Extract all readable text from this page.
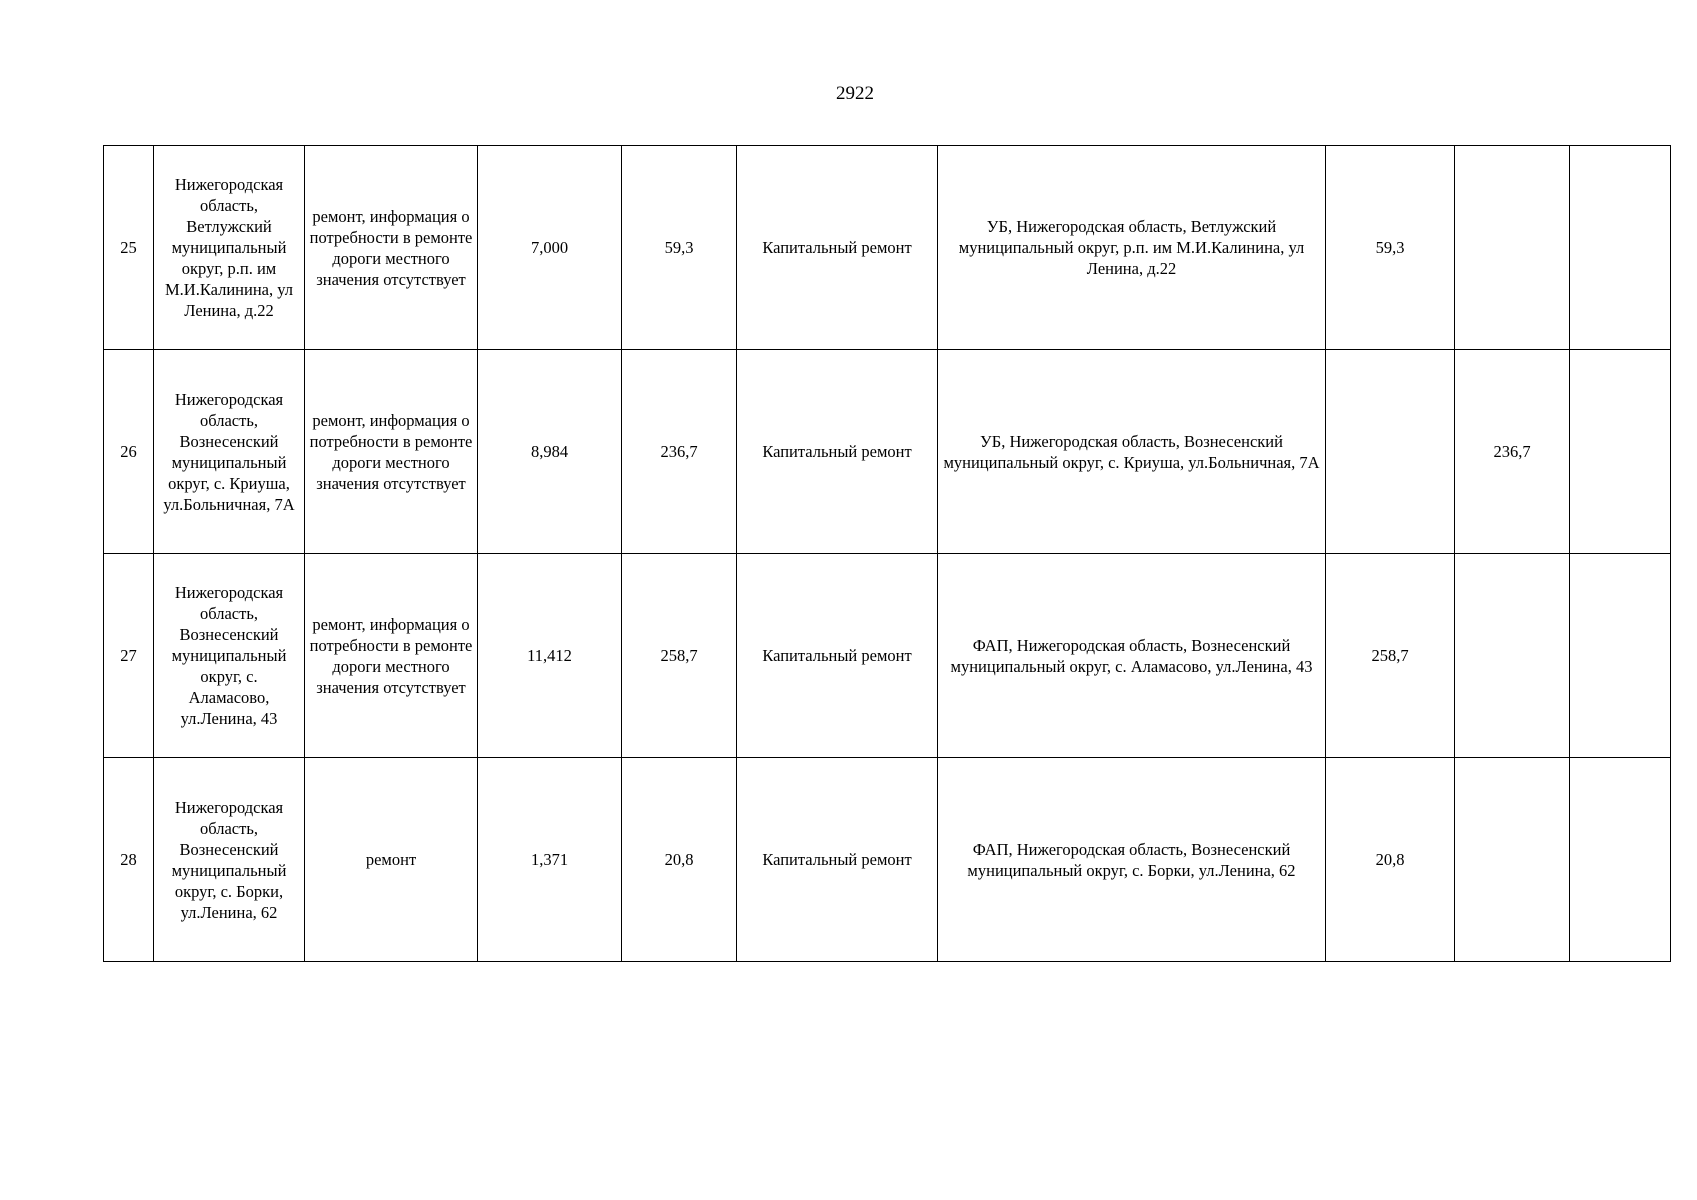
2922
25	Нижегородская область, Ветлужский муниципальный округ, р.п. им М.И.Калинина, ул Ленина, д.22	ремонт, информация о потребности в ремонте дороги местного значения отсутствует	7,000	59,3	Капитальный ремонт	УБ, Нижегородская область, Ветлужский муниципальный округ, р.п. им М.И.Калинина, ул Ленина, д.22	59,3		
26	Нижегородская область, Вознесенский муниципальный округ, с. Криуша, ул.Больничная, 7А	ремонт, информация о потребности в ремонте дороги местного значения отсутствует	8,984	236,7	Капитальный ремонт	УБ, Нижегородская область, Вознесенский муниципальный округ, с. Криуша, ул.Больничная, 7А		236,7	
27	Нижегородская область, Вознесенский муниципальный округ, с. Аламасово, ул.Ленина, 43	ремонт, информация о потребности в ремонте дороги местного значения отсутствует	11,412	258,7	Капитальный ремонт	ФАП, Нижегородская область, Вознесенский муниципальный округ, с. Аламасово, ул.Ленина, 43	258,7		
28	Нижегородская область, Вознесенский муниципальный округ, с. Борки, ул.Ленина, 62	ремонт	1,371	20,8	Капитальный ремонт	ФАП, Нижегородская область, Вознесенский муниципальный округ, с. Борки, ул.Ленина, 62	20,8		
